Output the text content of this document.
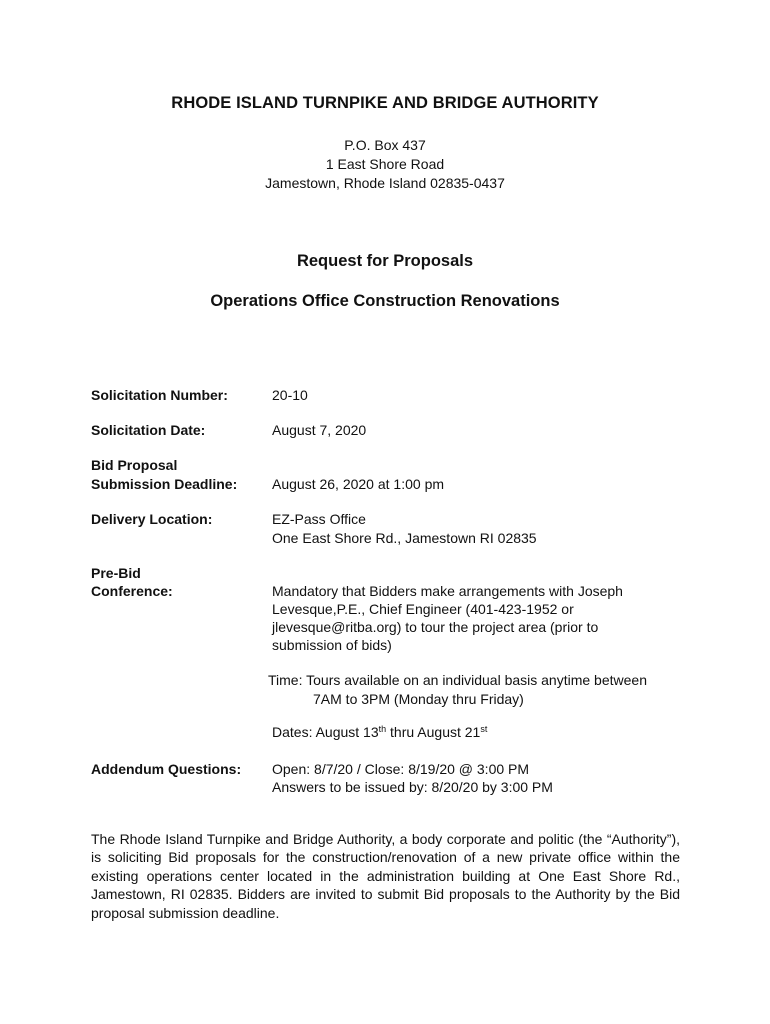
RHODE ISLAND TURNPIKE AND BRIDGE AUTHORITY
P.O. Box 437
1 East Shore Road
Jamestown, Rhode Island 02835-0437
Request for Proposals
Operations Office Construction Renovations
Solicitation Number:	20-10
Solicitation Date:	August 7, 2020
Bid Proposal
Submission Deadline: August 26, 2020 at 1:00 pm
Delivery Location:	EZ-Pass Office
One East Shore Rd., Jamestown RI 02835
Pre-Bid
Conference:	Mandatory that Bidders make arrangements with Joseph
Levesque,P.E., Chief Engineer (401-423-1952 or
jlevesque@ritba.org) to tour the project area (prior to
submission of bids)
Time: Tours available on an individual basis anytime between
7AM to 3PM (Monday thru Friday)
Dates: August 13th thru August 21st
Addendum Questions: Open: 8/7/20 / Close: 8/19/20 @ 3:00 PM
Answers to be issued by: 8/20/20 by 3:00 PM
The Rhode Island Turnpike and Bridge Authority, a body corporate and politic (the “Authority”), is soliciting Bid proposals for the construction/renovation of a new private office within the existing operations center located in the administration building at One East Shore Rd., Jamestown, RI 02835. Bidders are invited to submit Bid proposals to the Authority by the Bid proposal submission deadline.
